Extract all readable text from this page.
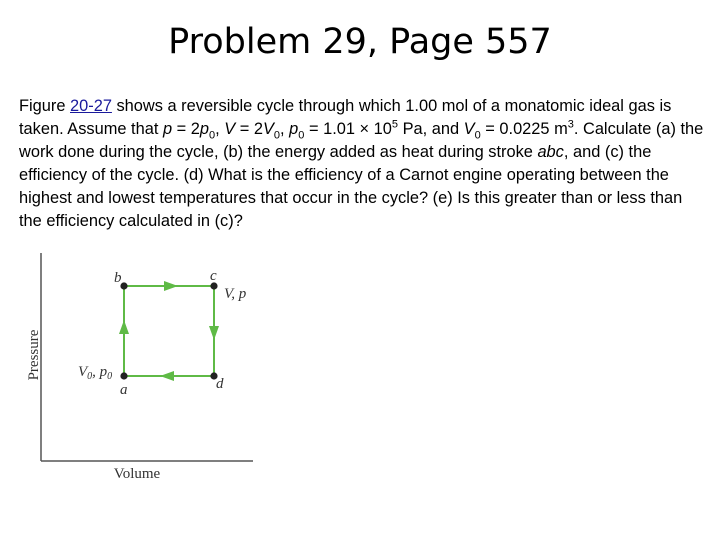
Problem 29, Page 557
Figure 20-27 shows a reversible cycle through which 1.00 mol of a monatomic ideal gas is taken. Assume that $p = 2p_0$, $V = 2V_0$, $p_0 = 1.01 \times 10^5$ Pa, and $V_0 = 0.0225$ $m^3$. Calculate (a) the work done during the cycle, (b) the energy added as heat during stroke abc, and (c) the efficiency of the cycle. (d) What is the efficiency of a Carnot engine operating between the highest and lowest temperatures that occur in the cycle? (e) Is this greater than or less than the efficiency calculated in (c)?
Pressure
Volume
b	c
a	d
V, p
$V_0$, $p_0$
